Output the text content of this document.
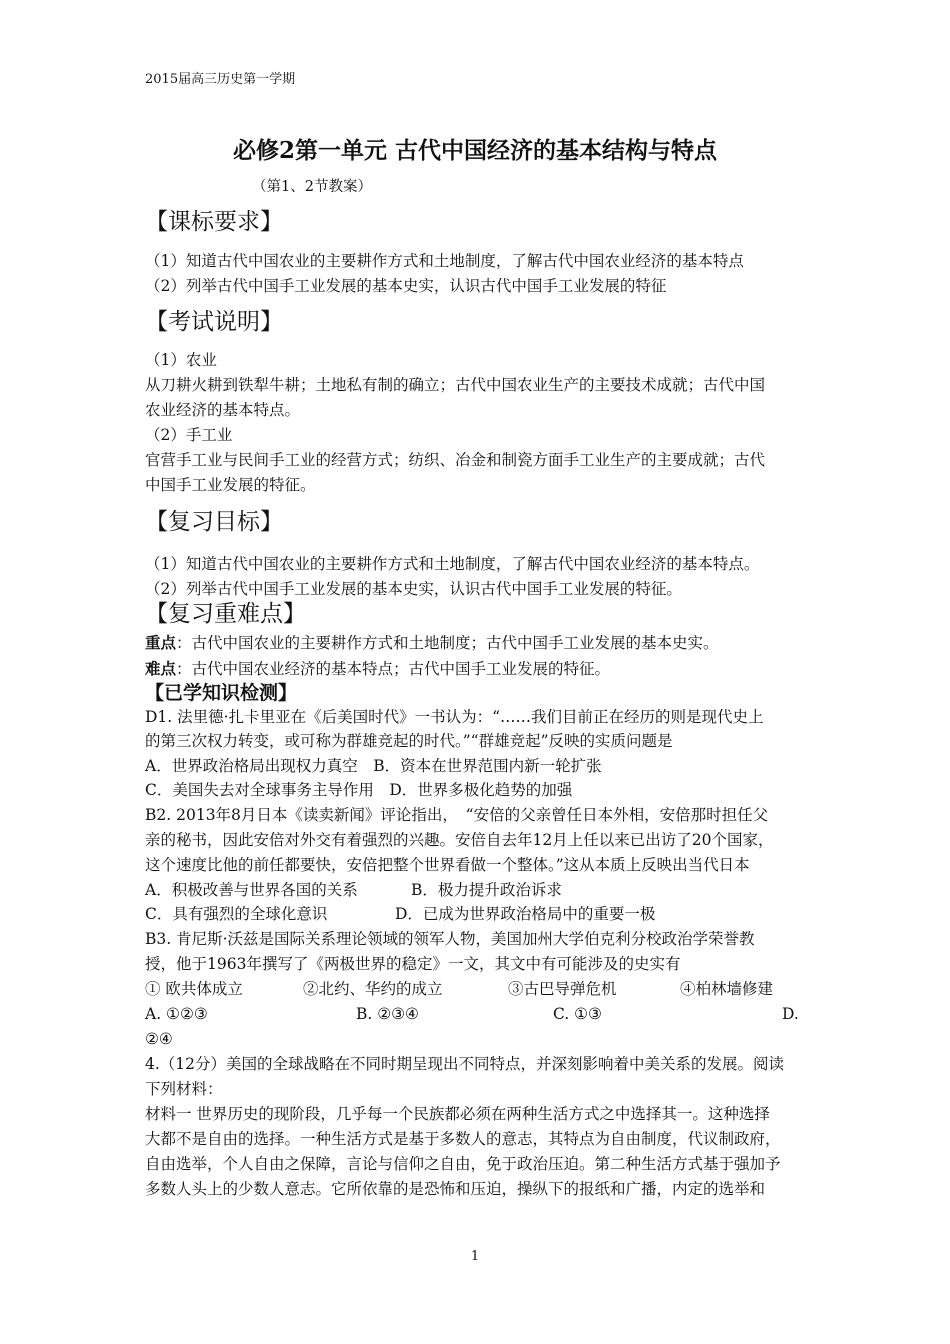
2015届高三历史第一学期
必修2第一单元 古代中国经济的基本结构与特点
（第1、2节教案）
【课标要求】
（1）知道古代中国农业的主要耕作方式和土地制度，了解古代中国农业经济的基本特点
（2）列举古代中国手工业发展的基本史实，认识古代中国手工业发展的特征
【考试说明】
（1）农业
从刀耕火耕到铁犁牛耕；土地私有制的确立；古代中国农业生产的主要技术成就；古代中国
农业经济的基本特点。
（2）手工业
官营手工业与民间手工业的经营方式；纺织、冶金和制瓷方面手工业生产的主要成就；古代
中国手工业发展的特征。
【复习目标】
（1）知道古代中国农业的主要耕作方式和土地制度，了解古代中国农业经济的基本特点。
（2）列举古代中国手工业发展的基本史实，认识古代中国手工业发展的特征。
【复习重难点】
重点：古代中国农业的主要耕作方式和土地制度；古代中国手工业发展的基本史实。
难点：古代中国农业经济的基本特点；古代中国手工业发展的特征。
【已学知识检测】
D1. 法里德·扎卡里亚在《后美国时代》一书认为：“……我们目前正在经历的则是现代史上
的第三次权力转变，或可称为群雄竞起的时代。”“群雄竞起”反映的实质问题是
A．世界政治格局出现权力真空　B．资本在世界范围内新一轮扩张
C．美国失去对全球事务主导作用　D．世界多极化趋势的加强
B2. 2013年8月日本《读卖新闻》评论指出，　“安倍的父亲曾任日本外相，安倍那时担任父
亲的秘书，因此安倍对外交有着强烈的兴趣。安倍自去年12月上任以来已出访了20个国家，
这个速度比他的前任都要快，安倍把整个世界看做一个整体。”这从本质上反映出当代日本
A．积极改善与世界各国的关系	B．极力提升政治诉求
C．具有强烈的全球化意识	D．已成为世界政治格局中的重要一极
B3. 肯尼斯·沃兹是国际关系理论领域的领军人物，美国加州大学伯克利分校政治学荣誉教
授，他于1963年撰写了《两极世界的稳定》一文，其文中有可能涉及的史实有
① 欧共体成立	②北约、华约的成立	③古巴导弹危机	④柏林墙修建
A. ①②③	B. ②③④	C. ①③	D.
②④
4.（12分）美国的全球战略在不同时期呈现出不同特点，并深刻影响着中美关系的发展。阅读
下列材料：
材料一 世界历史的现阶段，几乎每一个民族都必须在两种生活方式之中选择其一。这种选择
大都不是自由的选择。一种生活方式是基于多数人的意志，其特点为自由制度，代议制政府，
自由选举，个人自由之保障，言论与信仰之自由，免于政治压迫。第二种生活方式基于强加予
多数人头上的少数人意志。它所依靠的是恐怖和压迫，操纵下的报纸和广播，内定的选举和
1
